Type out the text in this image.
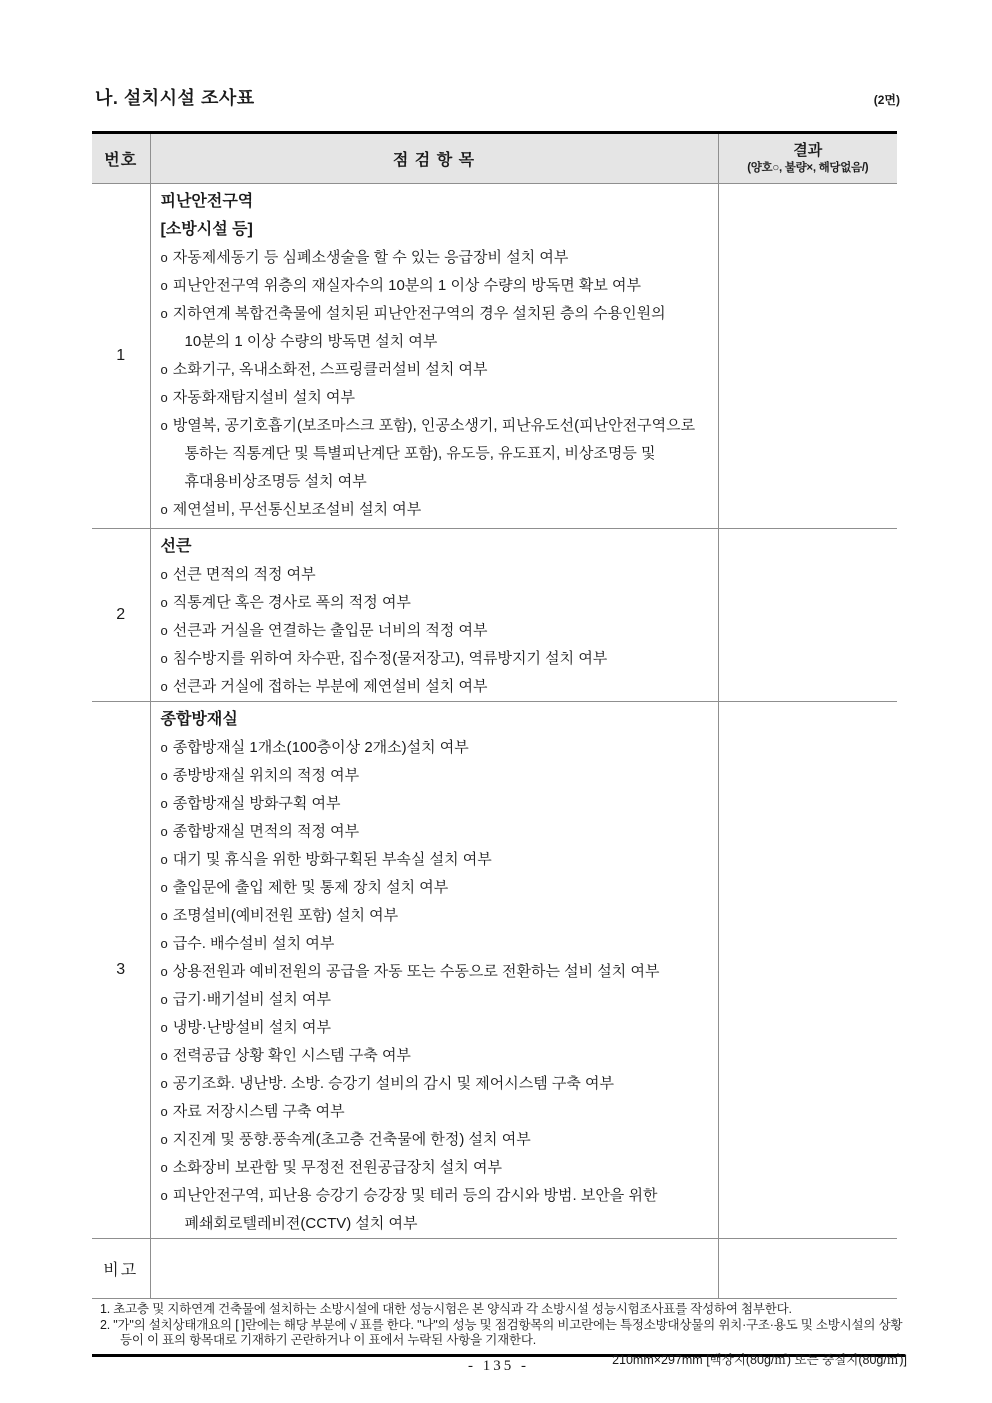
나. 설치시설 조사표	(2면)
번호	점 검 항 목	결과
(양호○, 불량×, 해당없음/)

1	
피난안전구역
[소방시설 등]
o 자동제세동기 등 심폐소생술을 할 수 있는 응급장비 설치 여부
o 피난안전구역 위층의 재실자수의 10분의 1 이상 수량의 방독면 확보 여부
o 지하연계 복합건축물에 설치된 피난안전구역의 경우 설치된 층의 수용인원의 10분의 1 이상 수량의 방독면 설치 여부
o 소화기구, 옥내소화전, 스프링클러설비 설치 여부
o 자동화재탐지설비 설치 여부
o 방열복, 공기호흡기(보조마스크 포함), 인공소생기, 피난유도선(피난안전구역으로 통하는 직통계단 및 특별피난계단 포함), 유도등, 유도표지, 비상조명등 및 휴대용비상조명등 설치 여부
o 제연설비, 무선통신보조설비 설치 여부

2	
선큰
o 선큰 면적의 적정 여부
o 직통계단 혹은 경사로 폭의 적정 여부
o 선큰과 거실을 연결하는 출입문 너비의 적정 여부
o 침수방지를 위하여 차수판, 집수정(물저장고), 역류방지기 설치 여부
o 선큰과 거실에 접하는 부분에 제연설비 설치 여부

3	
종합방재실
o 종합방재실 1개소(100층이상 2개소)설치 여부
o 종방방재실 위치의 적정 여부
o 종합방재실 방화구획 여부
o 종합방재실 면적의 적정 여부
o 대기 및 휴식을 위한 방화구획된 부속실 설치 여부
o 출입문에 출입 제한 및 통제 장치 설치 여부
o 조명설비(예비전원 포함) 설치 여부
o 급수. 배수설비 설치 여부
o 상용전원과 예비전원의 공급을 자동 또는 수동으로 전환하는 설비 설치 여부
o 급기·배기설비 설치 여부
o 냉방·난방설비 설치 여부
o 전력공급 상황 확인 시스템 구축 여부
o 공기조화. 냉난방. 소방. 승강기 설비의 감시 및 제어시스템 구축 여부
o 자료 저장시스템 구축 여부
o 지진계 및 풍향.풍속계(초고층 건축물에 한정) 설치 여부
o 소화장비 보관함 및 무정전 전원공급장치 설치 여부
o 피난안전구역, 피난용 승강기 승강장 및 테러 등의 감시와 방범. 보안을 위한 폐쇄회로텔레비젼(CCTV) 설치 여부

비고		
1. 초고층 및 지하연계 건축물에 설치하는 소방시설에 대한 성능시험은 본 양식과 각 소방시설 성능시험조사표를 작성하여 첨부한다.
2. "가"의 설치상태개요의 [ ]란에는 해당 부분에 √ 표를 한다. "나"의 성능 및 점검항목의 비고란에는 특정소방대상물의 위치·구조·용도 및 소방시설의 상황 등이 이 표의 항목대로 기재하기 곤란하거나 이 표에서 누락된 사항을 기재한다.
- 135 -	210mm×297mm [백상지(80g/㎡) 또는 중질지(80g/㎡)]
